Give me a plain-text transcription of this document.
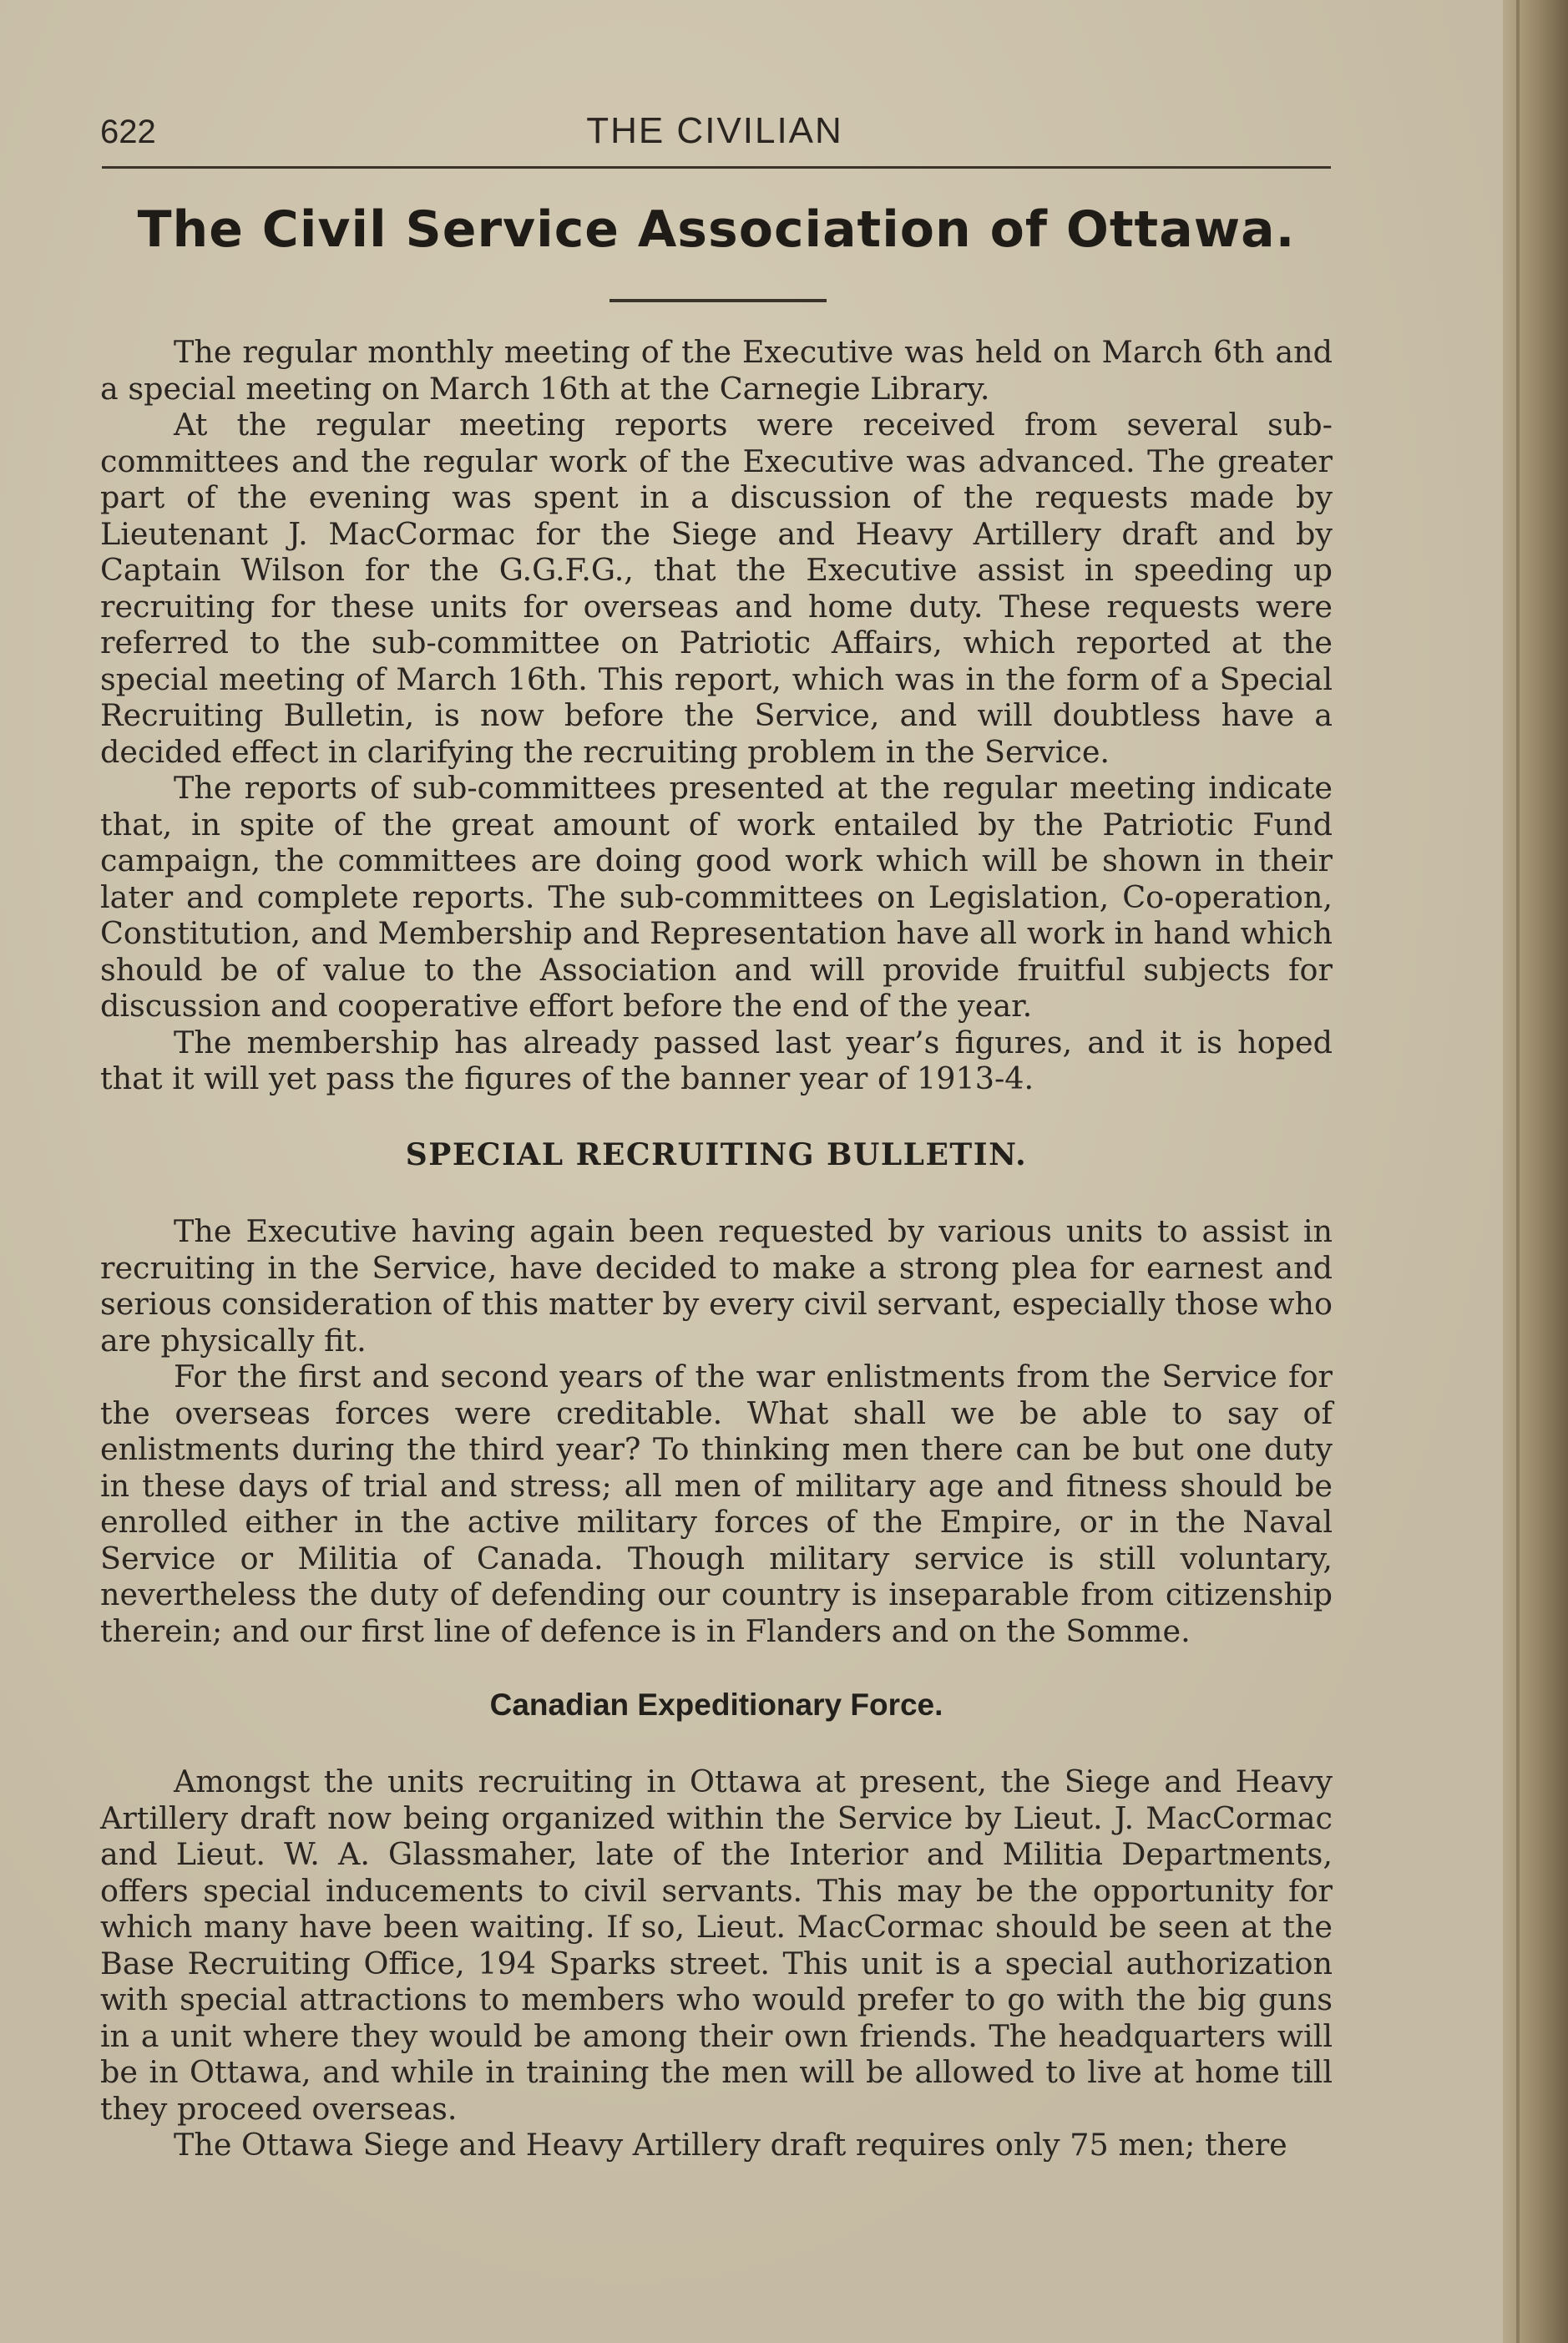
622	THE CIVILIAN
The Civil Service Association of Ottawa.

The regular monthly meeting of the Executive was held on March 6th and a special meeting on March 16th at the Carnegie Library.

At the regular meeting reports were received from several sub-committees and the regular work of the Executive was advanced. The greater part of the evening was spent in a discussion of the requests made by Lieutenant J. MacCormac for the Siege and Heavy Artillery draft and by Captain Wilson for the G.G.F.G., that the Executive assist in speeding up recruiting for these units for overseas and home duty. These requests were referred to the sub-committee on Patriotic Affairs, which reported at the special meeting of March 16th. This report, which was in the form of a Special Recruiting Bulletin, is now before the Service, and will doubtless have a decided effect in clarifying the recruiting problem in the Service.

The reports of sub-committees presented at the regular meeting indicate that, in spite of the great amount of work entailed by the Patriotic Fund campaign, the committees are doing good work which will be shown in their later and complete reports. The sub-committees on Legislation, Co-operation, Constitution, and Membership and Representation have all work in hand which should be of value to the Association and will provide fruitful subjects for discussion and cooperative effort before the end of the year.

The membership has already passed last year’s figures, and it is hoped that it will yet pass the figures of the banner year of 1913-4.

SPECIAL RECRUITING BULLETIN.

The Executive having again been requested by various units to assist in recruiting in the Service, have decided to make a strong plea for earnest and serious consideration of this matter by every civil servant, especially those who are physically fit.

For the first and second years of the war enlistments from the Service for the overseas forces were creditable. What shall we be able to say of enlistments during the third year? To thinking men there can be but one duty in these days of trial and stress; all men of military age and fitness should be enrolled either in the active military forces of the Empire, or in the Naval Service or Militia of Canada. Though military service is still voluntary, nevertheless the duty of defending our country is inseparable from citizenship therein; and our first line of defence is in Flanders and on the Somme.

Canadian Expeditionary Force.

Amongst the units recruiting in Ottawa at present, the Siege and Heavy Artillery draft now being organized within the Service by Lieut. J. MacCormac and Lieut. W. A. Glassmaher, late of the Interior and Militia Departments, offers special inducements to civil servants. This may be the opportunity for which many have been waiting. If so, Lieut. MacCormac should be seen at the Base Recruiting Office, 194 Sparks street. This unit is a special authorization with special attractions to members who would prefer to go with the big guns in a unit where they would be among their own friends. The headquarters will be in Ottawa, and while in training the men will be allowed to live at home till they proceed overseas.

The Ottawa Siege and Heavy Artillery draft requires only 75 men; there
